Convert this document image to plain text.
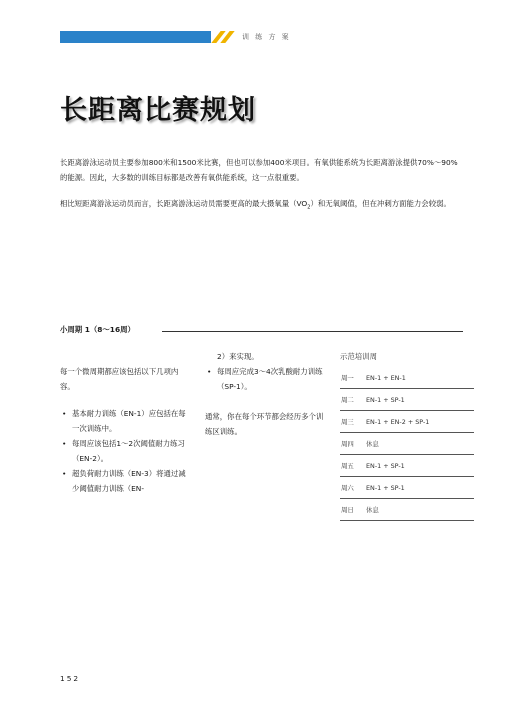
训 练 方 案
长距离比赛规划

长距离游泳运动员主要参加800米和1500米比赛，但也可以参加400米项目。有氧供能系统为长距离游泳提供70%～90%的能源。因此，大多数的训练目标都是改善有氧供能系统，这一点很重要。

相比短距离游泳运动员而言，长距离游泳运动员需要更高的最大摄氧量$(VO_2)$和无氧阈值，但在冲刺方面能力会较弱。

小周期 1（8～16周）

每一个微周期都应该包括以下几项内容。

• 基本耐力训练（EN-1）应包括在每一次训练中。
• 每周应该包括1～2次阈值耐力练习（EN-2）。
• 超负荷耐力训练（EN-3）将通过减少阈值耐力训练（EN-

2）来实现。

• 每周应完成3～4次乳酸耐力训练（SP-1）。

通常，你在每个环节都会经历多个训练区训练。

示范培训周
周一	EN-1 + EN-1
周二	EN-1 + SP-1
周三	EN-1 + EN-2 + SP-1
周四	休息
周五	EN-1 + SP-1
周六	EN-1 + SP-1
周日	休息
152
